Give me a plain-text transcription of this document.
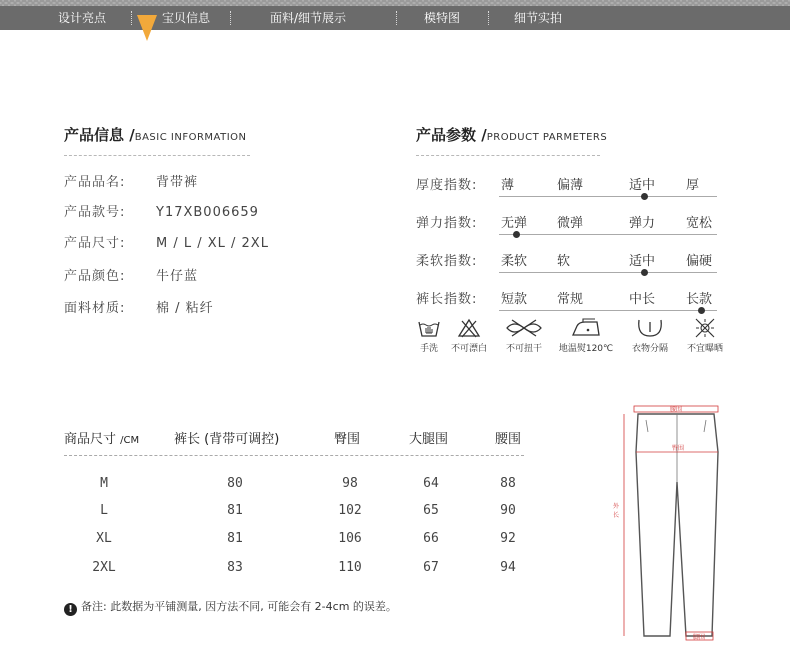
设计亮点	宝贝信息	面料/细节展示	模特图	细节实拍
产品信息 /BASIC INFORMATION
产品品名: 背带裤
产品款号: Y17XB006659
产品尺寸: M / L / XL / 2XL
产品颜色: 牛仔蓝
面料材质: 棉 / 粘纤
产品参数 /PRODUCT PARMETERS
厚度指数: 薄	偏薄	适中 厚
弹力指数: 无弹 微弹	弹力 宽松
柔软指数: 柔软 软	适中 偏硬
裤长指数: 短款 常规	中长 长款
手洗	不可漂白	不可扭干	地温熨120℃	衣物分隔	不宜曝晒
商品尺寸 /CM	裤长 (背带可调控)	臀围	大腿围	腰围
M	80	98	64	88
L	81	102	65	90
XL	81	106	66	92
2XL	83	110	67	94
! 备注: 此数据为平铺测量, 因方法不同, 可能会有 2-4cm 的误差。
腰围
臀围
外
长
脚围
